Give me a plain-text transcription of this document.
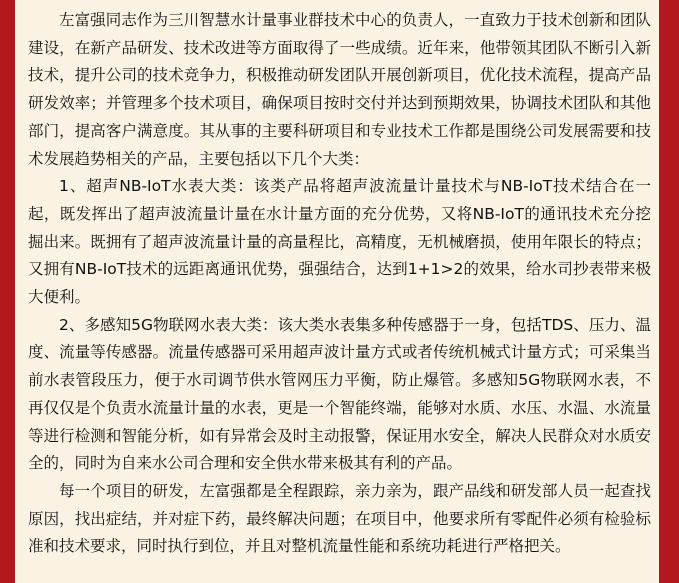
左富强同志作为三川智慧水计量事业群技术中心的负责人，一直致力于技术创新和团队建设，在新产品研发、技术改进等方面取得了一些成绩。近年来，他带领其团队不断引入新技术，提升公司的技术竞争力，积极推动研发团队开展创新项目，优化技术流程，提高产品研发效率；并管理多个技术项目，确保项目按时交付并达到预期效果，协调技术团队和其他部门，提高客户满意度。其从事的主要科研项目和专业技术工作都是围绕公司发展需要和技术发展趋势相关的产品，主要包括以下几个大类：

1、超声NB-IoT水表大类：该类产品将超声波流量计量技术与NB-IoT技术结合在一起，既发挥出了超声波流量计量在水计量方面的充分优势，又将NB-IoT的通讯技术充分挖掘出来。既拥有了超声波流量计量的高量程比，高精度，无机械磨损，使用年限长的特点；又拥有NB-IoT技术的远距离通讯优势，强强结合，达到1+1>2的效果，给水司抄表带来极大便利。

2、多感知5G物联网水表大类：该大类水表集多种传感器于一身，包括TDS、压力、温度、流量等传感器。流量传感器可采用超声波计量方式或者传统机械式计量方式；可采集当前水表管段压力，便于水司调节供水管网压力平衡，防止爆管。多感知5G物联网水表，不再仅仅是个负责水流量计量的水表，更是一个智能终端，能够对水质、水压、水温、水流量等进行检测和智能分析，如有异常会及时主动报警，保证用水安全，解决人民群众对水质安全的，同时为自来水公司合理和安全供水带来极其有利的产品。

每一个项目的研发，左富强都是全程跟踪，亲力亲为，跟产品线和研发部人员一起查找原因，找出症结，并对症下药，最终解决问题；在项目中，他要求所有零配件必须有检验标准和技术要求，同时执行到位，并且对整机流量性能和系统功耗进行严格把关。
